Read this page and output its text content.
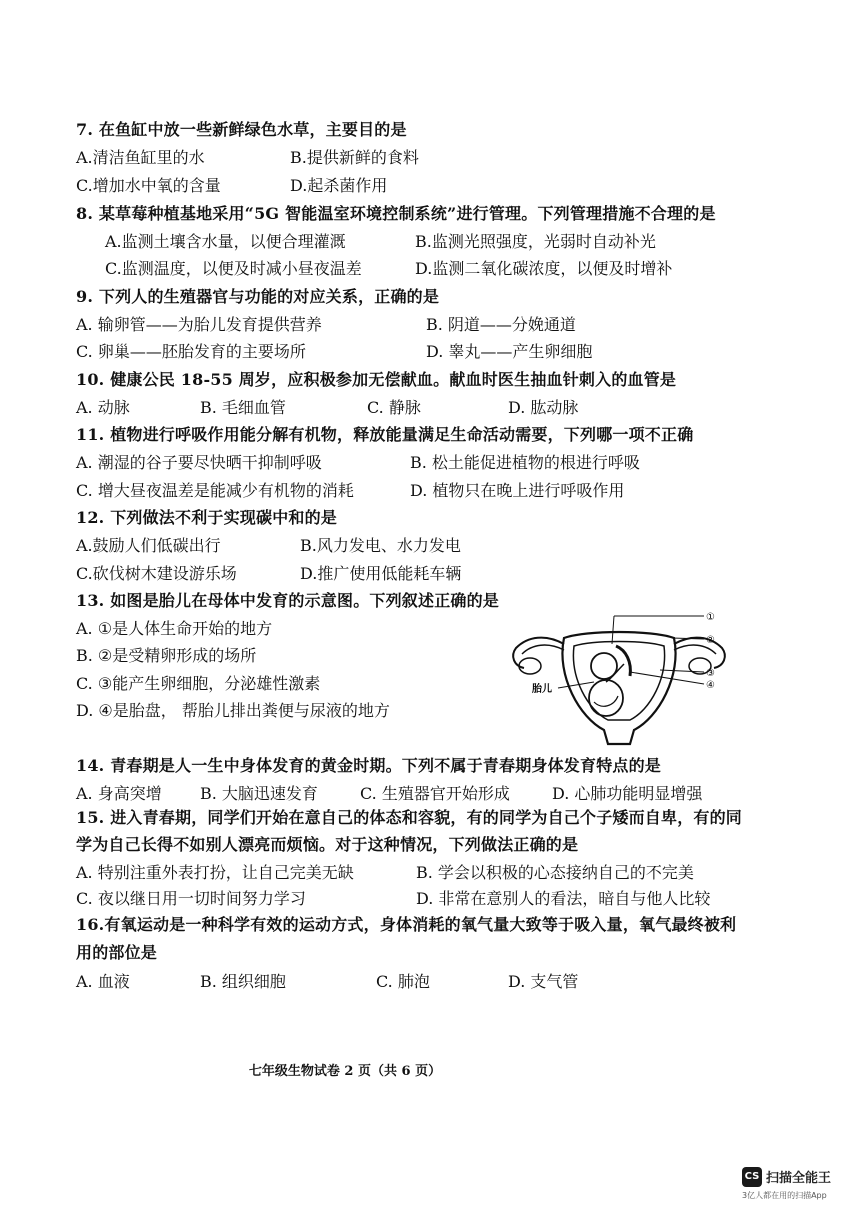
7. 在鱼缸中放一些新鲜绿色水草，主要目的是
A.清洁鱼缸里的水	B.提供新鲜的食料
C.增加水中氧的含量	D.起杀菌作用
8. 某草莓种植基地采用“5G 智能温室环境控制系统”进行管理。下列管理措施不合理的是
A.监测土壤含水量，以便合理灌溉	B.监测光照强度，光弱时自动补光
C.监测温度，以便及时减小昼夜温差	D.监测二氧化碳浓度，以便及时增补
9. 下列人的生殖器官与功能的对应关系，正确的是
A. 输卵管——为胎儿发育提供营养	B. 阴道——分娩通道
C. 卵巢——胚胎发育的主要场所	D. 睾丸——产生卵细胞
10. 健康公民 18-55 周岁，应积极参加无偿献血。献血时医生抽血针刺入的血管是
A. 动脉	B. 毛细血管	C. 静脉	D. 肱动脉
11. 植物进行呼吸作用能分解有机物，释放能量满足生命活动需要，下列哪一项不正确
A. 潮湿的谷子要尽快晒干抑制呼吸	B. 松土能促进植物的根进行呼吸
C. 增大昼夜温差是能减少有机物的消耗	D. 植物只在晚上进行呼吸作用
12. 下列做法不利于实现碳中和的是
A.鼓励人们低碳出行	B.风力发电、水力发电
C.砍伐树木建设游乐场	D.推广使用低能耗车辆
13. 如图是胎儿在母体中发育的示意图。下列叙述正确的是
A. ①是人体生命开始的地方
B. ②是受精卵形成的场所
C. ③能产生卵细胞，分泌雄性激素
D. ④是胎盘， 帮胎儿排出粪便与尿液的地方
①
②
③
④
胎儿
14. 青春期是人一生中身体发育的黄金时期。下列不属于青春期身体发育特点的是
A. 身高突增 B. 大脑迅速发育	C. 生殖器官开始形成	D. 心肺功能明显增强
15. 进入青春期，同学们开始在意自己的体态和容貌，有的同学为自己个子矮而自卑，有的同
学为自己长得不如别人漂亮而烦恼。对于这种情况，下列做法正确的是
A. 特别注重外表打扮，让自己完美无缺	B. 学会以积极的心态接纳自己的不完美
C. 夜以继日用一切时间努力学习	D. 非常在意别人的看法，暗自与他人比较
16.有氧运动是一种科学有效的运动方式，身体消耗的氧气量大致等于吸入量，氧气最终被利
用的部位是
A. 血液	B. 组织细胞	C. 肺泡	D. 支气管
七年级生物试卷 2 页（共 6 页）
CS 扫描全能王
3亿人都在用的扫描App
